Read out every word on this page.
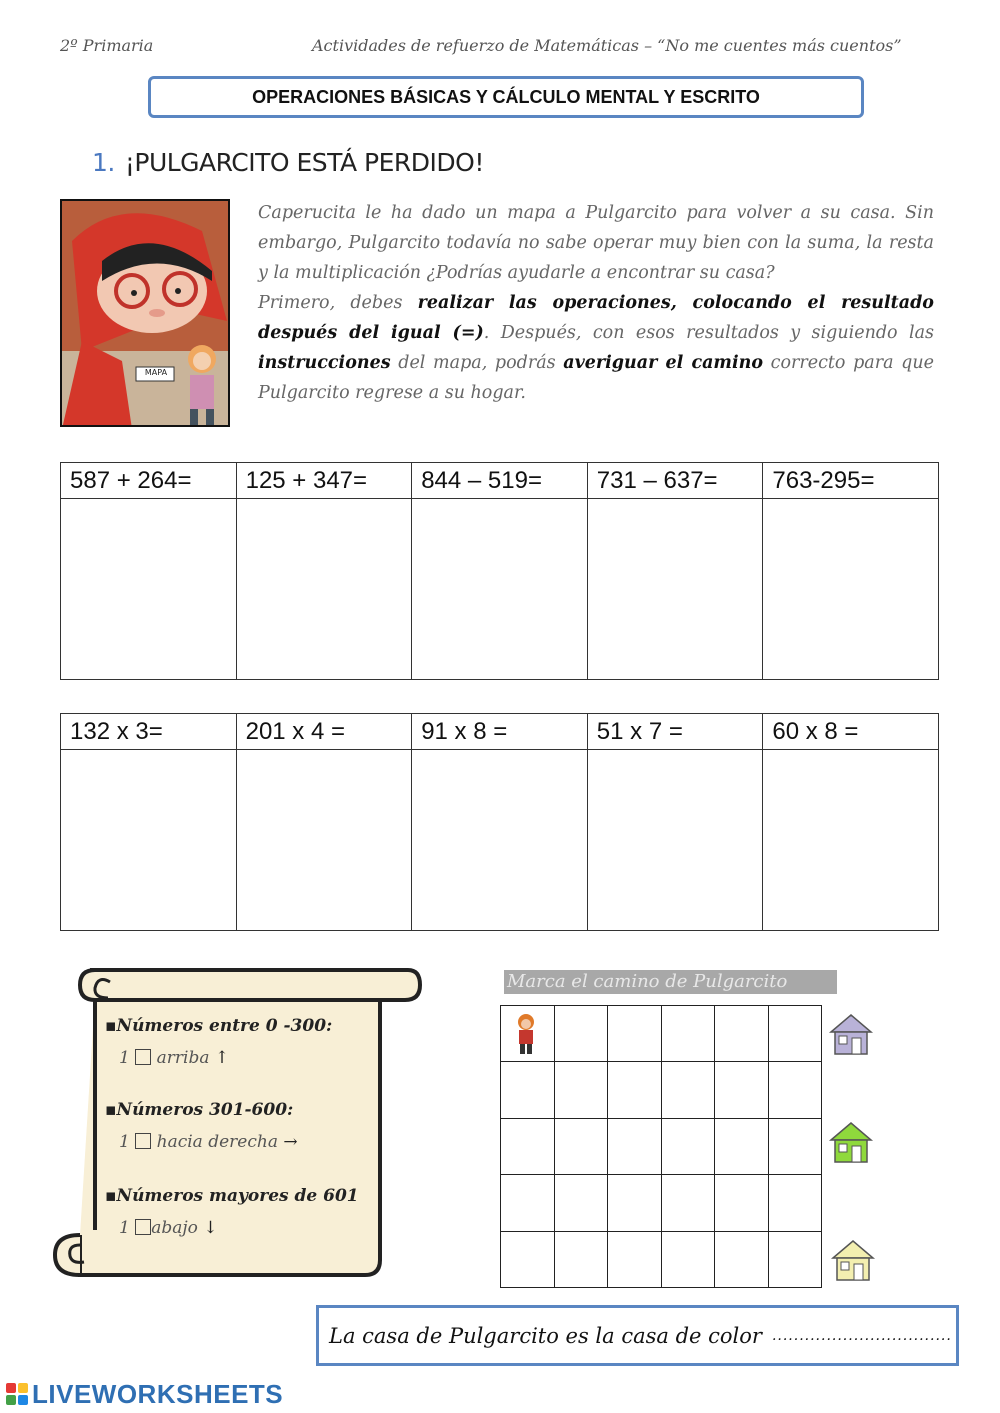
2º Primaria	Actividades de refuerzo de Matemáticas – “No me cuentes más cuentos”
OPERACIONES BÁSICAS Y CÁLCULO MENTAL Y ESCRITO
1. ¡PULGARCITO ESTÁ PERDIDO!
MAPA
Caperucita le ha dado un mapa a Pulgarcito para volver a su casa. Sin embargo, Pulgarcito todavía no sabe operar muy bien con la suma, la resta y la multiplicación ¿Podrías ayudarle a encontrar su casa?
Primero, debes realizar las operaciones, colocando el resultado después del igual (=). Después, con esos resultados y siguiendo las instrucciones del mapa, podrás averiguar el camino correcto para que Pulgarcito regrese a su hogar.
587 + 264=	125 + 347=	844 – 519=	731 – 637=	763-295=

132 x 3=	201 x 4 =	91 x 8 =	51 x 7 =	60 x 8 =

▪Números entre 0 -300:
1 arriba ↑
▪Números 301-600:
1 hacia derecha →
▪Números mayores de 601
1 abajo ↓
Marca el camino de Pulgarcito

La casa de Pulgarcito es la casa de color .................................
LIVEWORKSHEETS
